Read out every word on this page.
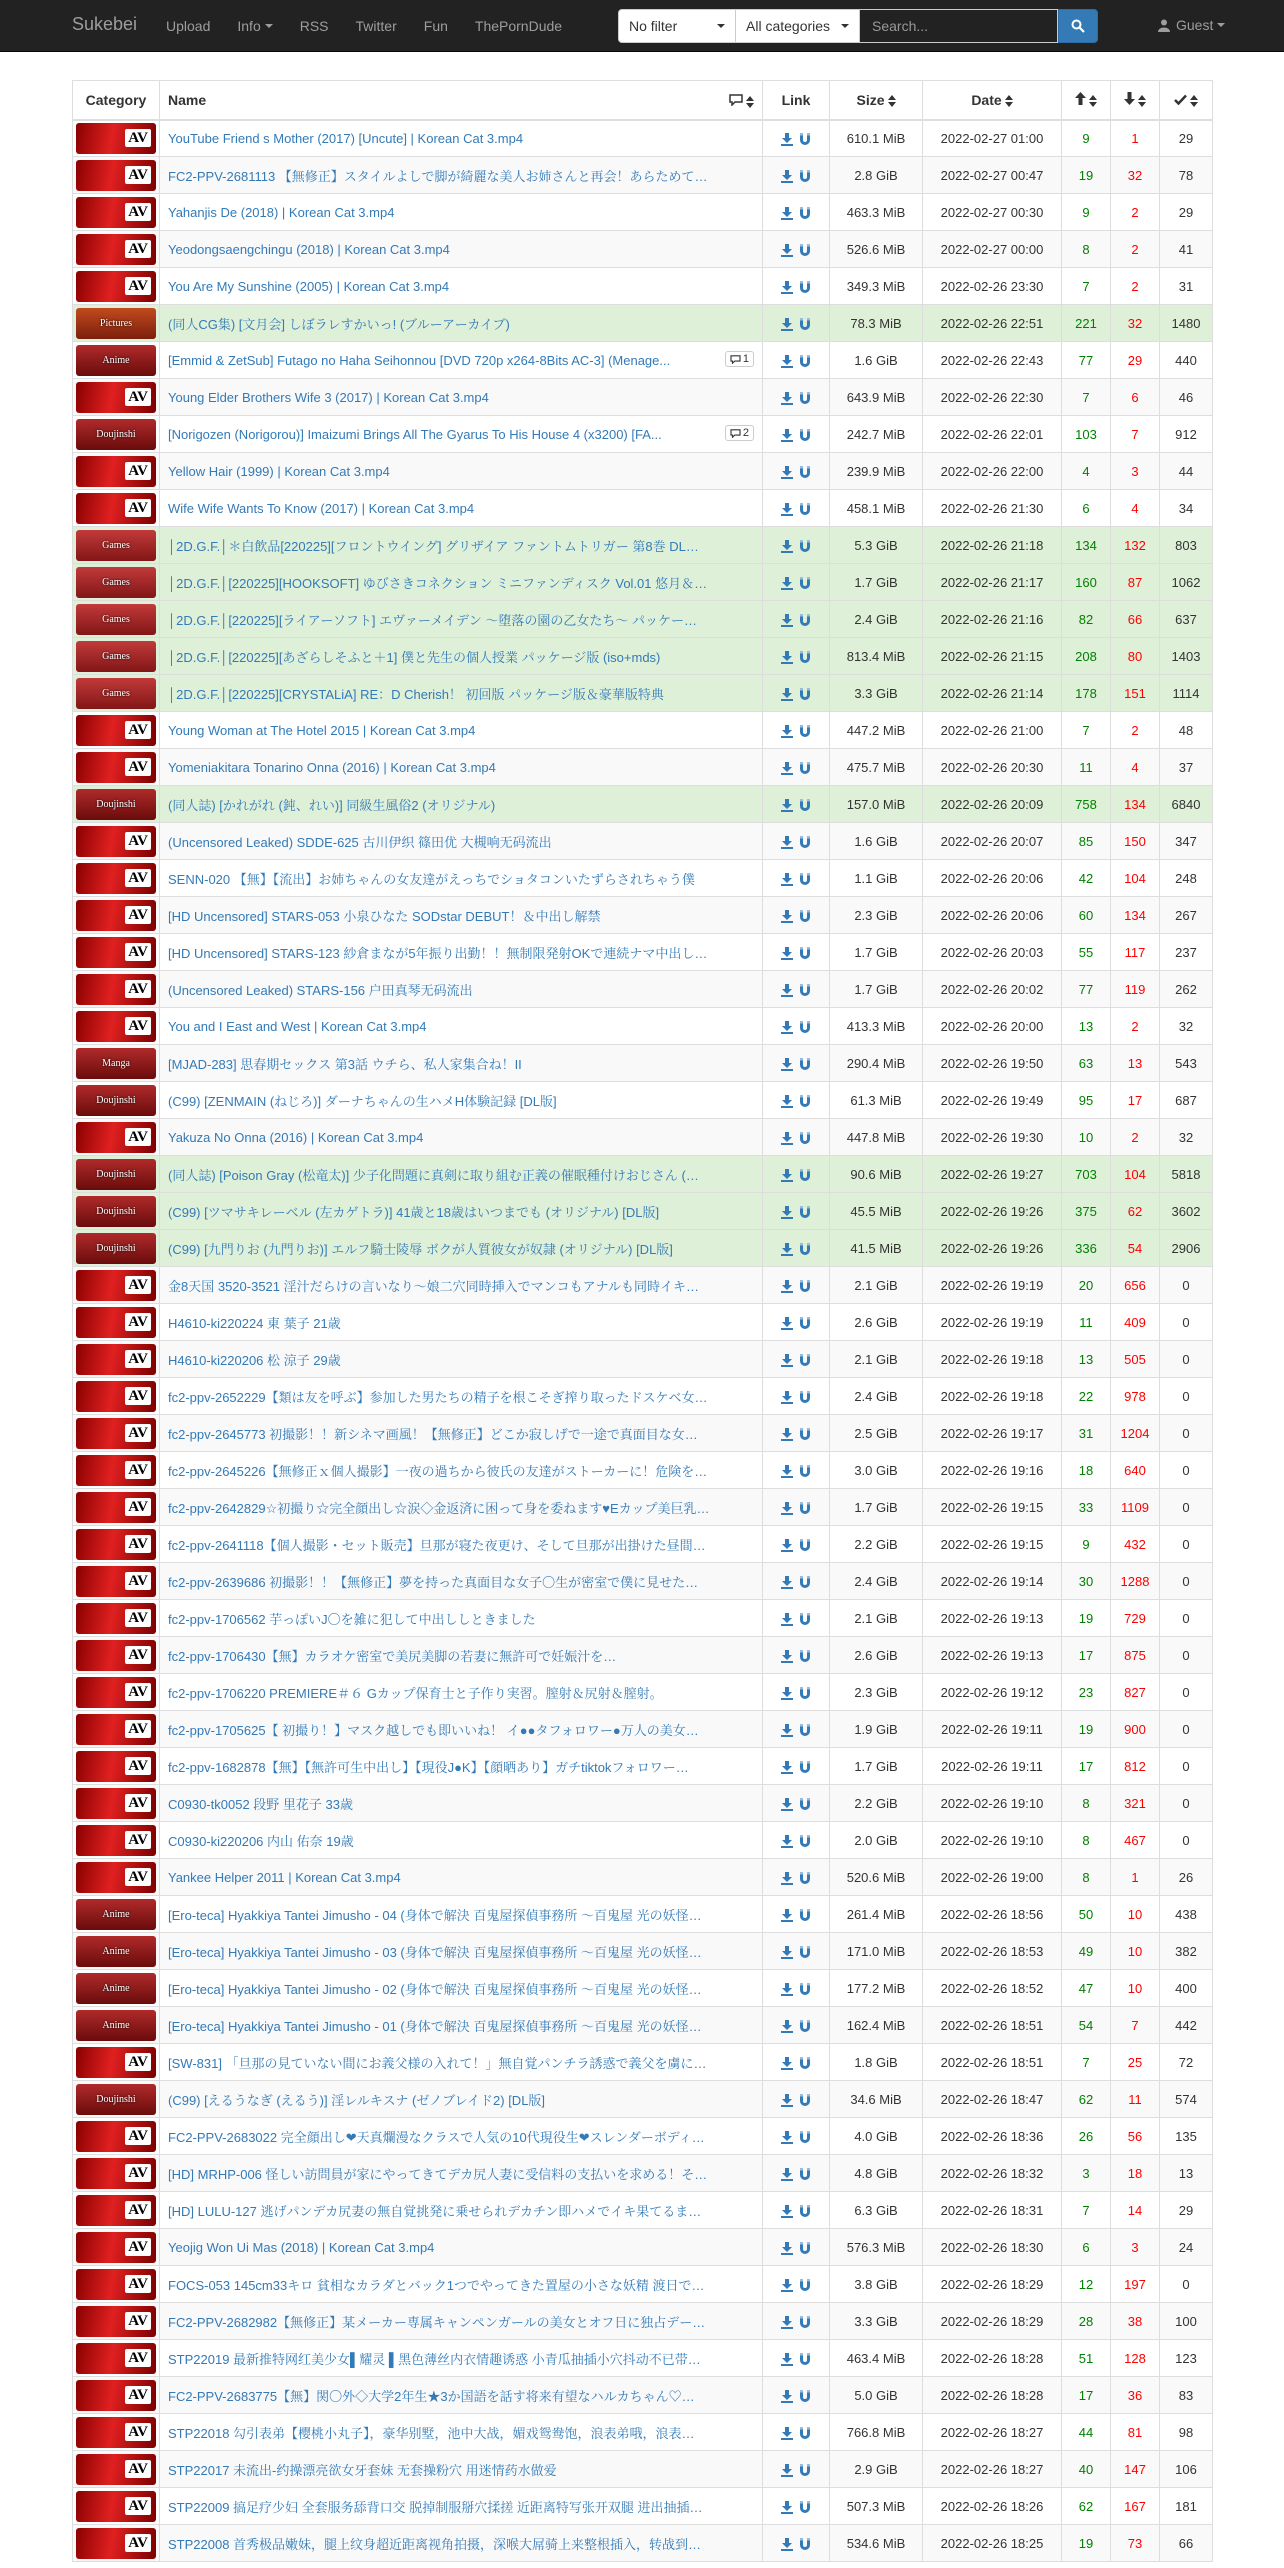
Sukebei Upload Info	RSS Twitter Fun ThePornDude	No filter	All categories	Search...	Guest
Category	Name	Link	Size	Date			

AV	YouTube Friend s Mother (2017) [Uncute] | Korean Cat 3.mp4		610.1 MiB	2022-02-27 01:00	9	1	29

AV	FC2-PPV-2681113 【無修正】スタイルよしで脚が綺麗な美人お姉さんと再会！あらためて…		2.8 GiB	2022-02-27 00:47	19	32	78

AV	Yahanjis De (2018) | Korean Cat 3.mp4		463.3 MiB	2022-02-27 00:30	9	2	29

AV	Yeodongsaengchingu (2018) | Korean Cat 3.mp4		526.6 MiB	2022-02-27 00:00	8	2	41

AV	You Are My Sunshine (2005) | Korean Cat 3.mp4		349.3 MiB	2022-02-26 23:30	7	2	31

Pictures	(同人CG集) [文月会] しぼラレすかいっ! (ブルーアーカイブ)		78.3 MiB	2022-02-26 22:51	221	32	1480

Anime	[Emmid & ZetSub] Futago no Haha Seihonnou [DVD 720p x264-8Bits AC-3] (Menage... 1		1.6 GiB	2022-02-26 22:43	77	29	440

AV	Young Elder Brothers Wife 3 (2017) | Korean Cat 3.mp4		643.9 MiB	2022-02-26 22:30	7	6	46

Doujinshi	[Norigozen (Norigorou)] Imaizumi Brings All The Gyarus To His House 4 (x3200) [FA... 2		242.7 MiB	2022-02-26 22:01	103	7	912

AV	Yellow Hair (1999) | Korean Cat 3.mp4		239.9 MiB	2022-02-26 22:00	4	3	44

AV	Wife Wife Wants To Know (2017) | Korean Cat 3.mp4		458.1 MiB	2022-02-26 21:30	6	4	34

Games	│2D.G.F.│＊白飲品[220225][フロントウイング] グリザイア ファントムトリガー 第8巻 DL…		5.3 GiB	2022-02-26 21:18	134	132	803

Games	│2D.G.F.│[220225][HOOKSOFT] ゆびさきコネクション ミニファンディスク Vol.01 悠月＆…		1.7 GiB	2022-02-26 21:17	160	87	1062

Games	│2D.G.F.│[220225][ライアーソフト] エヴァーメイデン ～堕落の園の乙女たち～ パッケー…		2.4 GiB	2022-02-26 21:16	82	66	637

Games	│2D.G.F.│[220225][あざらしそふと＋1] 僕と先生の個人授業 パッケージ版 (iso+mds)		813.4 MiB	2022-02-26 21:15	208	80	1403

Games	│2D.G.F.│[220225][CRYSTALiA] RE：D Cherish！ 初回版 パッケージ版＆豪華版特典		3.3 GiB	2022-02-26 21:14	178	151	1114

AV	Young Woman at The Hotel 2015 | Korean Cat 3.mp4		447.2 MiB	2022-02-26 21:00	7	2	48

AV	Yomeniakitara Tonarino Onna (2016) | Korean Cat 3.mp4		475.7 MiB	2022-02-26 20:30	11	4	37

Doujinshi	(同人誌) [かれがれ (鈍、れい)] 同級生風俗2 (オリジナル)		157.0 MiB	2022-02-26 20:09	758	134	6840

AV	(Uncensored Leaked) SDDE-625 古川伊织 篠田优 大槻响无码流出		1.6 GiB	2022-02-26 20:07	85	150	347

AV	SENN-020 【無】【流出】お姉ちゃんの女友達がえっちでショタコンいたずらされちゃう僕		1.1 GiB	2022-02-26 20:06	42	104	248

AV	[HD Uncensored] STARS-053 小泉ひなた SODstar DEBUT！＆中出し解禁		2.3 GiB	2022-02-26 20:06	60	134	267

AV	[HD Uncensored] STARS-123 紗倉まなが5年振り出勤！！無制限発射OKで連続ナマ中出し…		1.7 GiB	2022-02-26 20:03	55	117	237

AV	(Uncensored Leaked) STARS-156 户田真琴无码流出		1.7 GiB	2022-02-26 20:02	77	119	262

AV	You and I East and West | Korean Cat 3.mp4		413.3 MiB	2022-02-26 20:00	13	2	32

Manga	[MJAD-283] 思春期セックス 第3話 ウチら、私人家集合ね！II		290.4 MiB	2022-02-26 19:50	63	13	543

Doujinshi	(C99) [ZENMAIN (ねじろ)] ダーナちゃんの生ハメH体験記録 [DL版]		61.3 MiB	2022-02-26 19:49	95	17	687

AV	Yakuza No Onna (2016) | Korean Cat 3.mp4		447.8 MiB	2022-02-26 19:30	10	2	32

Doujinshi	(同人誌) [Poison Gray (松竜太)] 少子化問題に真剣に取り組む正義の催眠種付けおじさん (…		90.6 MiB	2022-02-26 19:27	703	104	5818

Doujinshi	(C99) [ツマサキレーベル (左カゲトラ)] 41歳と18歳はいつまでも (オリジナル) [DL版]		45.5 MiB	2022-02-26 19:26	375	62	3602

Doujinshi	(C99) [九門りお (九門りお)] エルフ騎士陵辱 ボクが人質彼女が奴隷 (オリジナル) [DL版]		41.5 MiB	2022-02-26 19:26	336	54	2906

AV	金8天国 3520-3521 淫汁だらけの言いなり～娘二穴同時挿入でマンコもアナルも同時イキ…		2.1 GiB	2022-02-26 19:19	20	656	0

AV	H4610-ki220224 東 葉子 21歳		2.6 GiB	2022-02-26 19:19	11	409	0

AV	H4610-ki220206 松 涼子 29歳		2.1 GiB	2022-02-26 19:18	13	505	0

AV	fc2-ppv-2652229【類は友を呼ぶ】参加した男たちの精子を根こそぎ搾り取ったドスケベ女…		2.4 GiB	2022-02-26 19:18	22	978	0

AV	fc2-ppv-2645773 初撮影！！新シネマ画風！【無修正】どこか寂しげで一途で真面目な女…		2.5 GiB	2022-02-26 19:17	31	1204	0

AV	fc2-ppv-2645226【無修正ｘ個人撮影】一夜の過ちから彼氏の友達がストーカーに！危険を…		3.0 GiB	2022-02-26 19:16	18	640	0

AV	fc2-ppv-2642829☆初撮り☆完全顔出し☆涙◇金返済に困って身を委ねます♥Eカップ美巨乳…		1.7 GiB	2022-02-26 19:15	33	1109	0

AV	fc2-ppv-2641118【個人撮影・セット販売】旦那が寝た夜更け、そして旦那が出掛けた昼間…		2.2 GiB	2022-02-26 19:15	9	432	0

AV	fc2-ppv-2639686 初撮影！！【無修正】夢を持った真面目な女子〇生が密室で僕に見せた…		2.4 GiB	2022-02-26 19:14	30	1288	0

AV	fc2-ppv-1706562 芋っぽいJ〇を雑に犯して中出ししときました		2.1 GiB	2022-02-26 19:13	19	729	0

AV	fc2-ppv-1706430【無】カラオケ密室で美尻美脚の若妻に無許可で妊娠汁を…		2.6 GiB	2022-02-26 19:13	17	875	0

AV	fc2-ppv-1706220 PREMIERE＃６ Gカップ保育士と子作り実習。膣射＆尻射＆膣射。		2.3 GiB	2022-02-26 19:12	23	827	0

AV	fc2-ppv-1705625【 初撮り！】マスク越しでも即いいね！ イ●●タフォロワー●万人の美女…		1.9 GiB	2022-02-26 19:11	19	900	0

AV	fc2-ppv-1682878【無】【無許可生中出し】【現役J●K】【顔晒あり】ガチtiktokフォロワー…		1.7 GiB	2022-02-26 19:11	17	812	0

AV	C0930-tk0052 段野 里花子 33歳		2.2 GiB	2022-02-26 19:10	8	321	0

AV	C0930-ki220206 内山 佑奈 19歳		2.0 GiB	2022-02-26 19:10	8	467	0

AV	Yankee Helper 2011 | Korean Cat 3.mp4		520.6 MiB	2022-02-26 19:00	8	1	26

Anime	[Ero-teca] Hyakkiya Tantei Jimusho - 04 (身体で解決 百鬼屋探偵事務所 ～百鬼屋 光の妖怪…		261.4 MiB	2022-02-26 18:56	50	10	438

Anime	[Ero-teca] Hyakkiya Tantei Jimusho - 03 (身体で解決 百鬼屋探偵事務所 ～百鬼屋 光の妖怪…		171.0 MiB	2022-02-26 18:53	49	10	382

Anime	[Ero-teca] Hyakkiya Tantei Jimusho - 02 (身体で解決 百鬼屋探偵事務所 ～百鬼屋 光の妖怪…		177.2 MiB	2022-02-26 18:52	47	10	400

Anime	[Ero-teca] Hyakkiya Tantei Jimusho - 01 (身体で解決 百鬼屋探偵事務所 ～百鬼屋 光の妖怪…		162.4 MiB	2022-02-26 18:51	54	7	442

AV	[SW-831] 「旦那の見ていない間にお義父様の入れて！」無自覚パンチラ誘惑で義父を虜に…		1.8 GiB	2022-02-26 18:51	7	25	72

Doujinshi	(C99) [えるうなぎ (えるう)] 淫レルキスナ (ゼノブレイド2) [DL版]		34.6 MiB	2022-02-26 18:47	62	11	574

AV	FC2-PPV-2683022 完全顔出し❤天真爛漫なクラスで人気の10代現役生❤スレンダーボディ…		4.0 GiB	2022-02-26 18:36	26	56	135

AV	[HD] MRHP-006 怪しい訪問員が家にやってきてデカ尻人妻に受信料の支払いを求める！そ…		4.8 GiB	2022-02-26 18:32	3	18	13

AV	[HD] LULU-127 逃げパンデカ尻妻の無自覚挑発に乗せられデカチン即ハメでイキ果てるま…		6.3 GiB	2022-02-26 18:31	7	14	29

AV	Yeojig Won Ui Mas (2018) | Korean Cat 3.mp4		576.3 MiB	2022-02-26 18:30	6	3	24

AV	FOCS-053 145cm33キロ 貧相なカラダとバック1つでやってきた置屋の小さな妖精 渡日で…		3.8 GiB	2022-02-26 18:29	12	197	0

AV	FC2-PPV-2682982【無修正】某メーカー専属キャンペンガールの美女とオフ日に独占デー…		3.3 GiB	2022-02-26 18:29	28	38	100

AV	STP22019 最新推特网红美少女▌耀灵 ▌黑色薄丝内衣情趣诱惑 小青瓜抽插小穴抖动不已带…		463.4 MiB	2022-02-26 18:28	51	128	123

AV	FC2-PPV-2683775【無】関〇外◇大学2年生★3か国語を話す将来有望なハルカちゃん♡…		5.0 GiB	2022-02-26 18:28	17	36	83

AV	STP22018 勾引表弟【樱桃小丸子】，豪华别墅，池中大战，媚戏鸳鸯饱，浪表弟哦，浪表…		766.8 MiB	2022-02-26 18:27	44	81	98

AV	STP22017 未流出-约操漂亮欲女牙套妹 无套操粉穴 用迷情药水做爱		2.9 GiB	2022-02-26 18:27	40	147	106

AV	STP22009 搞足疗少妇 全套服务舔背口交 脱掉制服掰穴揉搓 近距离特写张开双腿 进出抽插…		507.3 MiB	2022-02-26 18:26	62	167	181

AV	STP22008 首秀极品嫩妹，腿上纹身超近距离视角拍摄，深喉大屌骑上来整根插入，转战到…		534.6 MiB	2022-02-26 18:25	19	73	66
